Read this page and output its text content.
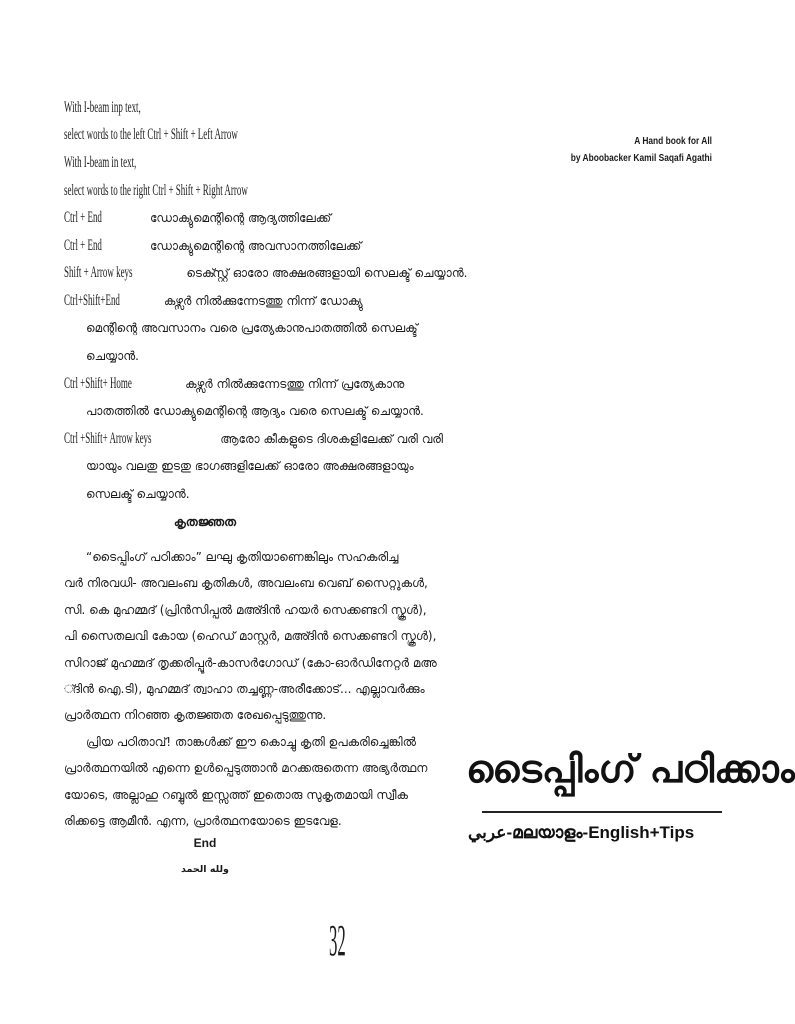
With I-beam inp text,
select words to the left Ctrl + Shift + Left Arrow
With I-beam in text,
select words to the right Ctrl + Shift + Right Arrow
Ctrl + End	ഡോക്യുമെന്റിന്റെ ആദ്യത്തിലേക്ക്
Ctrl + End	ഡോക്യുമെന്റിന്റെ അവസാനത്തിലേക്ക്
Shift + Arrow keys	ടെക്സ്റ്റ് ഓരോ അക്ഷരങ്ങളായി സെലക്ട് ചെയ്യാൻ.
Ctrl+Shift+End	കഴ്സർ നിൽക്കുന്നേടത്തു നിന്ന് ഡോക്യു
മെന്റിന്റെ അവസാനം വരെ പ്രത്യേകാനുപാതത്തിൽ സെലക്ട്
ചെയ്യാൻ.
Ctrl +Shift+ Home	കഴ്സർ നിൽക്കുന്നേടത്തു നിന്ന് പ്രത്യേകാനു
പാതത്തിൽ ഡോക്യുമെന്റിന്റെ ആദ്യം വരെ സെലക്ട് ചെയ്യാൻ.
Ctrl +Shift+ Arrow keys	ആരോ കീകളുടെ ദിശകളിലേക്ക് വരി വരി
യായും വലതു ഇടതു ഭാഗങ്ങളിലേക്ക് ഓരോ അക്ഷരങ്ങളായും
സെലക്ട് ചെയ്യാൻ.
കൃതജ്ഞത
“ടൈപ്പിംഗ് പഠിക്കാം” ലഘു കൃതിയാണെങ്കിലും സഹകരിച്ച
വർ നിരവധി- അവലംബ കൃതികൾ, അവലംബ വെബ് സൈറ്റുകൾ,
സി. കെ മുഹമ്മദ് (പ്രിൻസിപ്പൽ മഅ്ദിൻ ഹയർ സെക്കണ്ടറി സ്കൂൾ),
പി സൈതലവി കോയ (ഹെഡ് മാസ്റ്റർ, മഅ്ദിൻ സെക്കണ്ടറി സ്കൂൾ),
സിറാജ് മുഹമ്മദ് തൃക്കരിപ്പൂർ-കാസർഗോഡ് (കോ-ഓർഡിനേറ്റർ മഅ
്ദിൻ ഐ.ടി), മുഹമ്മദ് ത്വാഹാ തച്ചണ്ണ-അരീക്കോട്... എല്ലാവർക്കും
പ്രാർത്ഥന നിറഞ്ഞ കൃതജ്ഞത രേഖപ്പെടുത്തുന്നു.
പ്രിയ പഠിതാവ്! താങ്കൾക്ക് ഈ കൊച്ചു കൃതി ഉപകരിച്ചെങ്കിൽ
പ്രാർത്ഥനയിൽ എന്നെ ഉൾപ്പെടുത്താൻ മറക്കരുതെന്ന അഭ്യർത്ഥന
യോടെ, അല്ലാഹു റബ്ബുൽ ഇസ്സത്ത് ഇതൊരു സുകൃതമായി സ്വീക
രിക്കട്ടെ ആമീൻ. എന്ന, പ്രാർത്ഥനയോടെ ഇടവേള.
End
ولله الحمد
32
A Hand book for All
by Aboobacker Kamil Saqafi Agathi
ടൈപ്പിംഗ് പഠിക്കാം
عربي-മലയാളം-English+Tips
